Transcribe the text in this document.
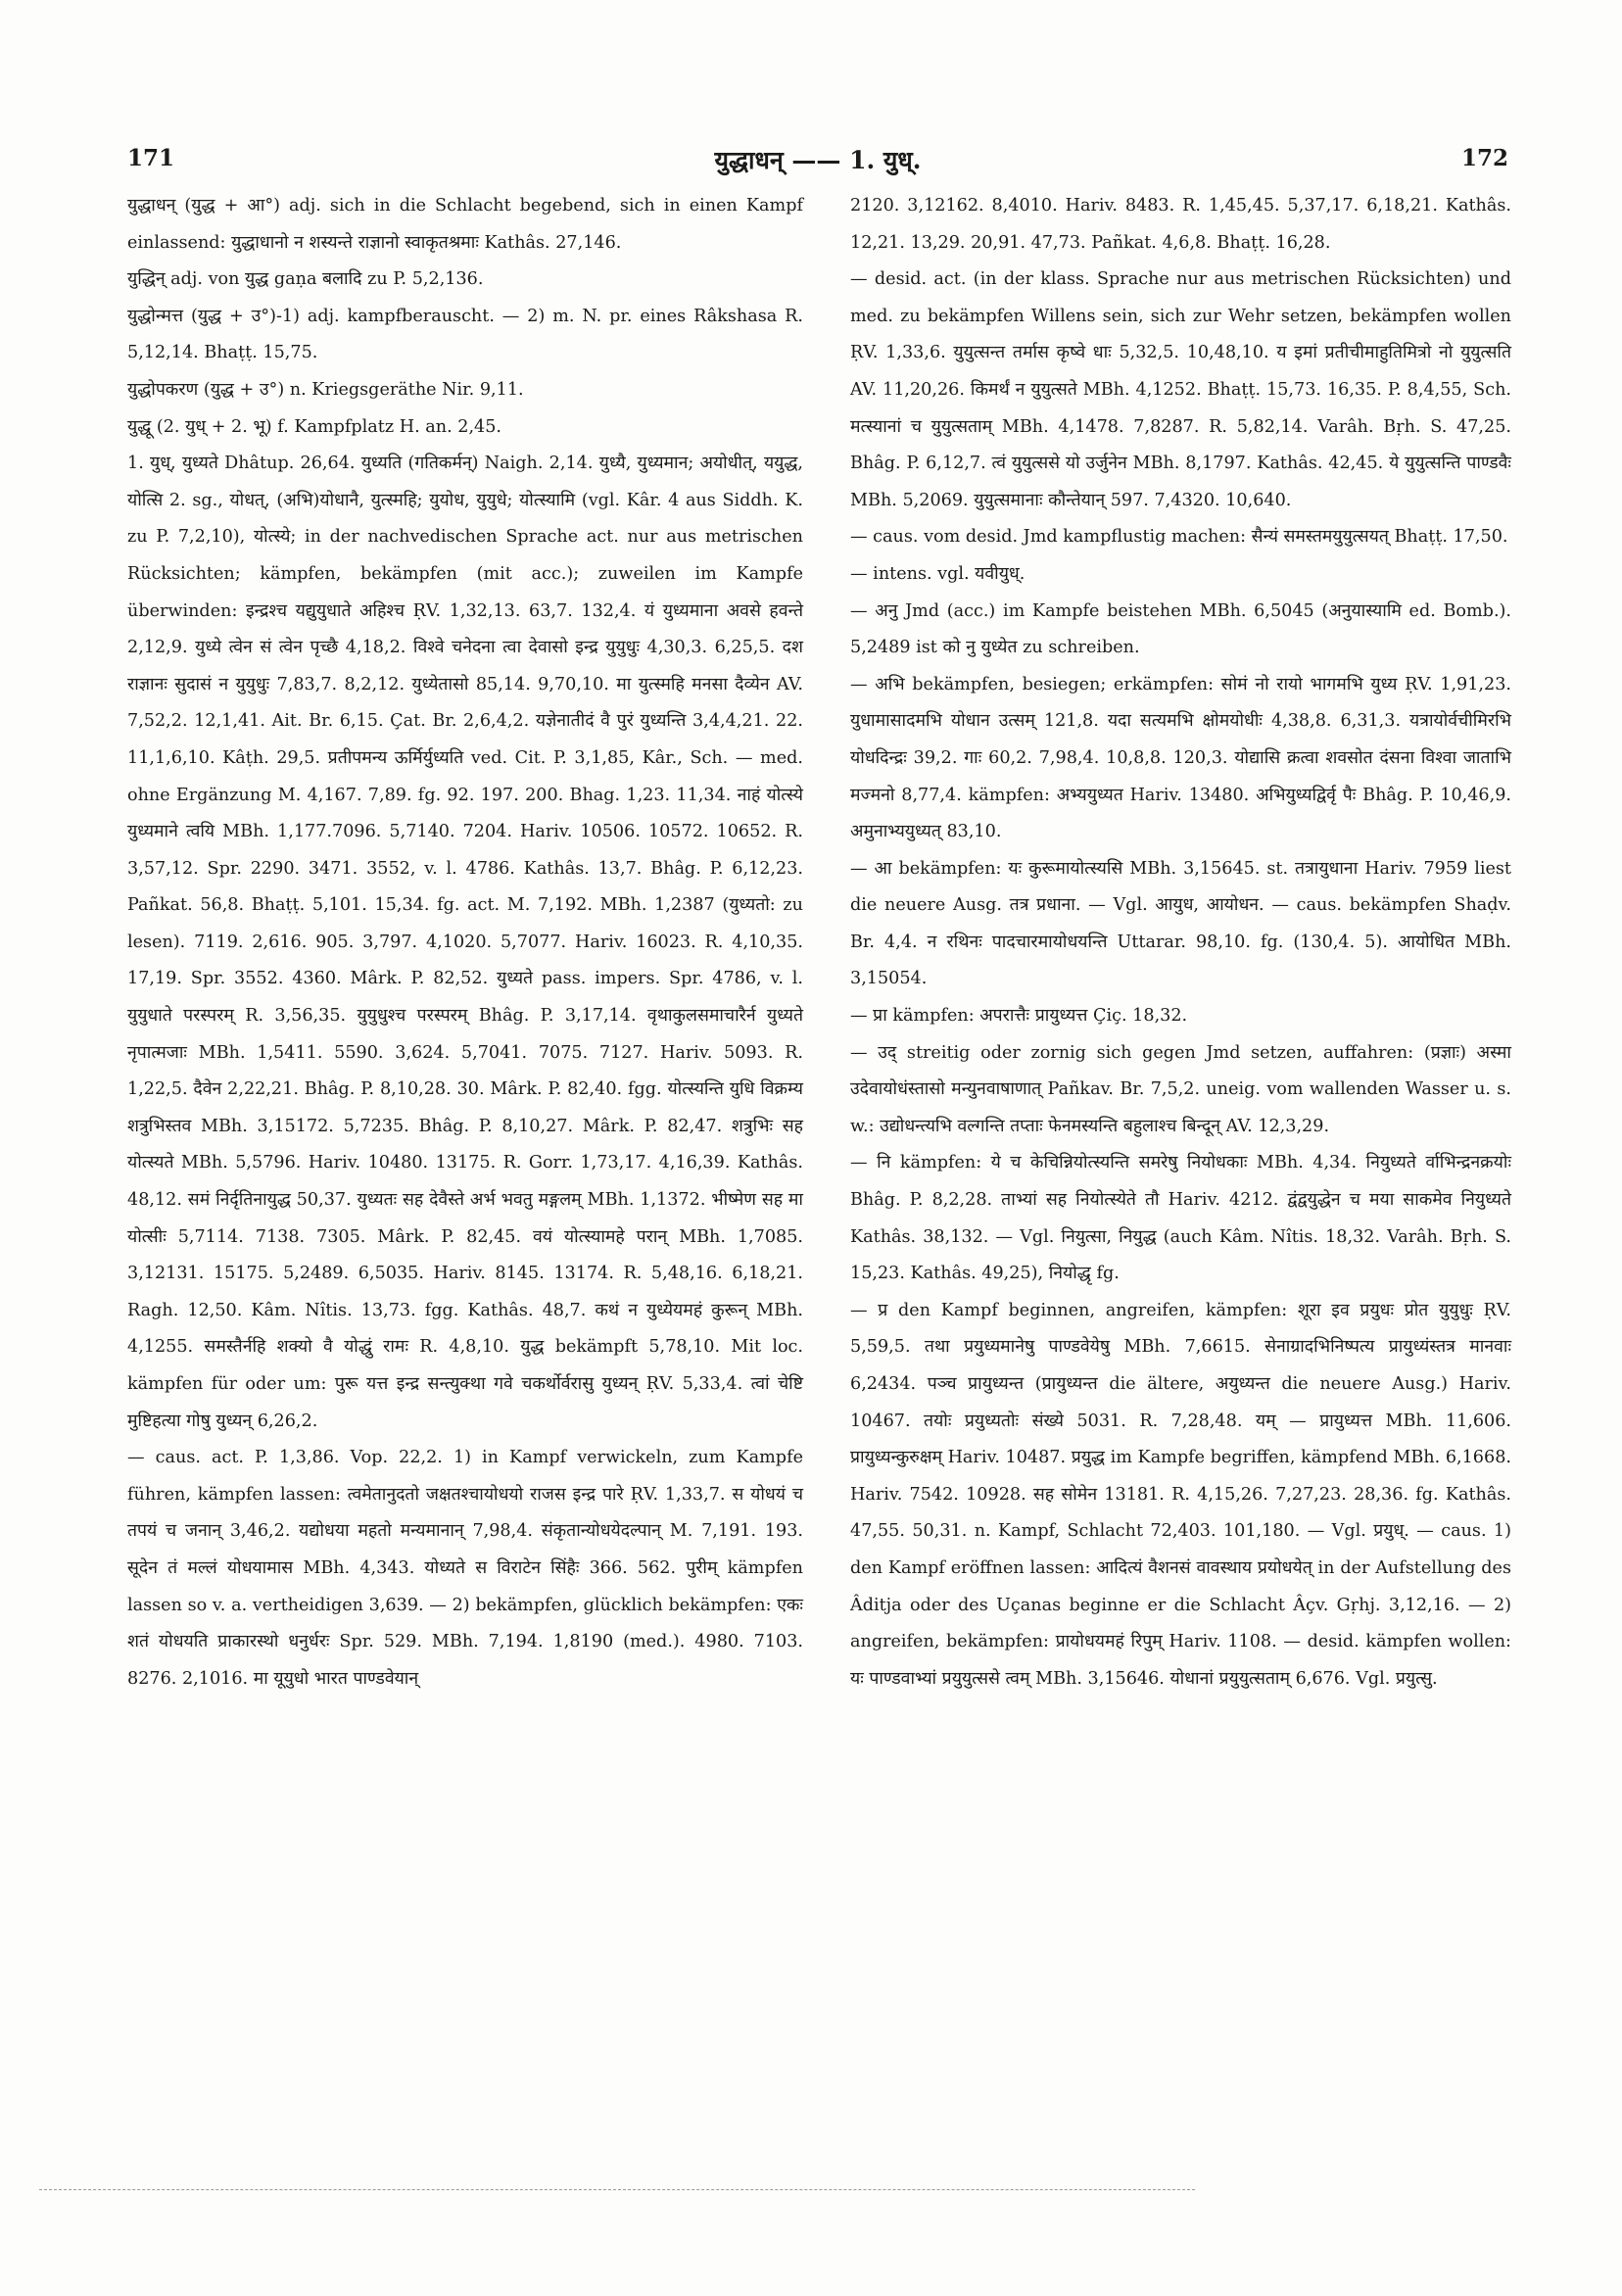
171	युद्धाधन् —— 1. युध्.	172

युद्धाधन् (युद्ध + आ°) adj. sich in die Schlacht begebend, sich in einen Kampf einlassend: युद्धाधानो न शस्यन्ते राज्ञानो स्वाकृतश्रमाः Kathâs. 27,146.

युद्धिन् adj. von युद्ध gaṇa बलादि zu P. 5,2,136.

युद्धोन्मत्त (युद्ध + उ°)-1) adj. kampfberauscht. — 2) m. N. pr. eines Râkshasa R. 5,12,14. Bhaṭṭ. 15,75.

युद्धोपकरण (युद्ध + उ°) n. Kriegsgeräthe Nir. 9,11.

युद्धू (2. युध् + 2. भू) f. Kampfplatz H. an. 2,45.

1. युध्, युध्यते Dhâtup. 26,64. युध्यति (गतिकर्मन्) Naigh. 2,14. युध्यै, युध्यमान; अयोधीत्, ययुद्ध, योत्सि 2. sg., योधत्, (अभि)योधानै, युत्स्महि; युयोध, युयुधे; योत्स्यामि (vgl. Kâr. 4 aus Siddh. K. zu P. 7,2,10), योत्स्ये; in der nachvedischen Sprache act. nur aus metrischen Rücksichten; kämpfen, bekämpfen (mit acc.); zuweilen im Kampfe überwinden: इन्द्रश्च यद्युयुधाते अहिश्च ṚV. 1,32,13. 63,7. 132,4. यं युध्यमाना अवसे हवन्ते 2,12,9. युध्ये त्वेन सं त्वेन पृच्छै 4,18,2. विश्वे चनेदना त्वा देवासो इन्द्र युयुधुः 4,30,3. 6,25,5. दश राज्ञानः सुदासं न युयुधुः 7,83,7. 8,2,12. युध्येतासो 85,14. 9,70,10. मा युत्स्महि मनसा दैव्येन AV. 7,52,2. 12,1,41. Ait. Br. 6,15. Çat. Br. 2,6,4,2. यज्ञेनातीदं वै पुरं युध्यन्ति 3,4,4,21. 22. 11,1,6,10. Kâṭh. 29,5. प्रतीपमन्य ऊर्मिर्युध्यति ved. Cit. P. 3,1,85, Kâr., Sch. — med. ohne Ergänzung M. 4,167. 7,89. fg. 92. 197. 200. Bhag. 1,23. 11,34. नाहं योत्स्ये युध्यमाने त्वयि MBh. 1,177.7096. 5,7140. 7204. Hariv. 10506. 10572. 10652. R. 3,57,12. Spr. 2290. 3471. 3552, v. l. 4786. Kathâs. 13,7. Bhâg. P. 6,12,23. Pañkat. 56,8. Bhaṭṭ. 5,101. 15,34. fg. act. M. 7,192. MBh. 1,2387 (युध्यतो: zu lesen). 7119. 2,616. 905. 3,797. 4,1020. 5,7077. Hariv. 16023. R. 4,10,35. 17,19. Spr. 3552. 4360. Mârk. P. 82,52. युध्यते pass. impers. Spr. 4786, v. l. युयुधाते परस्परम् R. 3,56,35. युयुधुश्च परस्परम् Bhâg. P. 3,17,14. वृथाकुलसमाचारैर्न युध्यते नृपात्मजाः MBh. 1,5411. 5590. 3,624. 5,7041. 7075. 7127. Hariv. 5093. R. 1,22,5. दैवेन 2,22,21. Bhâg. P. 8,10,28. 30. Mârk. P. 82,40. fgg. योत्स्यन्ति युधि विक्रम्य शत्रुभिस्तव MBh. 3,15172. 5,7235. Bhâg. P. 8,10,27. Mârk. P. 82,47. शत्रुभिः सह योत्स्यते MBh. 5,5796. Hariv. 10480. 13175. R. Gorr. 1,73,17. 4,16,39. Kathâs. 48,12. समं निर्दृतिनायुद्ध 50,37. युध्यतः सह देवैस्ते अर्भ भवतु मङ्गलम् MBh. 1,1372. भीष्मेण सह मा योत्सीः 5,7114. 7138. 7305. Mârk. P. 82,45. वयं योत्स्यामहे परान् MBh. 1,7085. 3,12131. 15175. 5,2489. 6,5035. Hariv. 8145. 13174. R. 5,48,16. 6,18,21. Ragh. 12,50. Kâm. Nîtis. 13,73. fgg. Kathâs. 48,7. कथं न युध्येयमहं कुरून् MBh. 4,1255. समस्तैर्नहि शक्यो वै योद्धुं रामः R. 4,8,10. युद्ध bekämpft 5,78,10. Mit loc. kämpfen für oder um: पुरू यत्त इन्द्र सन्त्युक्था गवे चकर्थोर्वरासु युध्यन् ṚV. 5,33,4. त्वां चेष्टि मुष्टिहत्या गोषु युध्यन् 6,26,2.

— caus. act. P. 1,3,86. Vop. 22,2. 1) in Kampf verwickeln, zum Kampfe führen, kämpfen lassen: त्वमेतानुदतो जक्षतश्चायोधयो राजस इन्द्र पारे ṚV. 1,33,7. स योधयं च तपयं च जनान् 3,46,2. यद्योधया महतो मन्यमानान् 7,98,4. संकृतान्योधयेदल्पान् M. 7,191. 193. सूदेन तं मल्लं योधयामास MBh. 4,343. योध्यते स विराटेन सिंहैः 366. 562. पुरीम् kämpfen lassen so v. a. vertheidigen 3,639. — 2) bekämpfen, glücklich bekämpfen: एकः शतं योधयति प्राकारस्थो धनुर्धरः Spr. 529. MBh. 7,194. 1,8190 (med.). 4980. 7103. 8276. 2,1016. मा यूयुधो भारत पाण्डवेयान्

2120. 3,12162. 8,4010. Hariv. 8483. R. 1,45,45. 5,37,17. 6,18,21. Kathâs. 12,21. 13,29. 20,91. 47,73. Pañkat. 4,6,8. Bhaṭṭ. 16,28.

— desid. act. (in der klass. Sprache nur aus metrischen Rücksichten) und med. zu bekämpfen Willens sein, sich zur Wehr setzen, bekämpfen wollen ṚV. 1,33,6. युयुत्सन्त तर्मास कृष्वे धाः 5,32,5. 10,48,10. य इमां प्रतीचीमाहुतिमित्रो नो युयुत्सति AV. 11,20,26. किमर्थं न युयुत्सते MBh. 4,1252. Bhaṭṭ. 15,73. 16,35. P. 8,4,55, Sch. मत्स्यानां च युयुत्सताम् MBh. 4,1478. 7,8287. R. 5,82,14. Varâh. Bṛh. S. 47,25. Bhâg. P. 6,12,7. त्वं युयुत्ससे यो उर्जुनेन MBh. 8,1797. Kathâs. 42,45. ये युयुत्सन्ति पाण्डवैः MBh. 5,2069. युयुत्समानाः कौन्तेयान् 597. 7,4320. 10,640.

— caus. vom desid. Jmd kampflustig machen: सैन्यं समस्तमयुयुत्सयत् Bhaṭṭ. 17,50.

— intens. vgl. यवीयुध्.

— अनु Jmd (acc.) im Kampfe beistehen MBh. 6,5045 (अनुयास्यामि ed. Bomb.). 5,2489 ist को नु युध्येत zu schreiben.

— अभि bekämpfen, besiegen; erkämpfen: सोमं नो रायो भागमभि युध्य ṚV. 1,91,23. युधामासादमभि योधान उत्सम् 121,8. यदा सत्यमभि क्षोमयोधीः 4,38,8. 6,31,3. यत्रायोर्वचीमिरभि योधदिन्द्रः 39,2. गाः 60,2. 7,98,4. 10,8,8. 120,3. योद्यासि क्रत्वा शवसोत दंसना विश्वा जाताभि मज्मनो 8,77,4. kämpfen: अभ्ययुध्यत Hariv. 13480. अभियुध्यद्विर्वृ पैः Bhâg. P. 10,46,9. अमुनाभ्ययुध्यत् 83,10.

— आ bekämpfen: यः कुरूमायोत्स्यसि MBh. 3,15645. st. तत्रायुधाना Hariv. 7959 liest die neuere Ausg. तत्र प्रधाना. — Vgl. आयुध, आयोधन. — caus. bekämpfen Shaḍv. Br. 4,4. न रथिनः पादचारमायोधयन्ति Uttarar. 98,10. fg. (130,4. 5). आयोधित MBh. 3,15054.

— प्रा kämpfen: अपरात्तैः प्रायुध्यत्त Çiç. 18,32.

— उद् streitig oder zornig sich gegen Jmd setzen, auffahren: (प्रज्ञाः) अस्मा उदेवायोधंस्तासो मन्युनवाषाणात् Pañkav. Br. 7,5,2. uneig. vom wallenden Wasser u. s. w.: उद्योधन्त्यभि वल्गन्ति तप्ताः फेनमस्यन्ति बहुलाश्च बिन्दून् AV. 12,3,29.

— नि kämpfen: ये च केचिन्नियोत्स्यन्ति समरेषु नियोधकाः MBh. 4,34. नियुध्यते र्वाभिन्द्रनक्रयोः Bhâg. P. 8,2,28. ताभ्यां सह नियोत्स्येते तौ Hariv. 4212. द्वंद्वयुद्धेन च मया साकमेव नियुध्यते Kathâs. 38,132. — Vgl. नियुत्सा, नियुद्ध (auch Kâm. Nîtis. 18,32. Varâh. Bṛh. S. 15,23. Kathâs. 49,25), नियोद्धृ fg.

— प्र den Kampf beginnen, angreifen, kämpfen: शूरा इव प्रयुधः प्रोत युयुधुः ṚV. 5,59,5. तथा प्रयुध्यमानेषु पाण्डवेयेषु MBh. 7,6615. सेनाग्रादभिनिष्पत्य प्रायुध्यंस्तत्र मानवाः 6,2434. पञ्च प्रायुध्यन्त (प्रायुध्यन्त die ältere, अयुध्यन्त die neuere Ausg.) Hariv. 10467. तयोः प्रयुध्यतोः संख्ये 5031. R. 7,28,48. यम् — प्रायुध्यत्त MBh. 11,606. प्रायुध्यन्कुरुक्षम् Hariv. 10487. प्रयुद्ध im Kampfe begriffen, kämpfend MBh. 6,1668. Hariv. 7542. 10928. सह सोमेन 13181. R. 4,15,26. 7,27,23. 28,36. fg. Kathâs. 47,55. 50,31. n. Kampf, Schlacht 72,403. 101,180. — Vgl. प्रयुध्. — caus. 1) den Kampf eröffnen lassen: आदित्यं वैशनसं वावस्थाय प्रयोधयेत् in der Aufstellung des Âditja oder des Uçanas beginne er die Schlacht Âçv. Gṛhj. 3,12,16. — 2) angreifen, bekämpfen: प्रायोधयमहं रिपुम् Hariv. 1108. — desid. kämpfen wollen: यः पाण्डवाभ्यां प्रयुयुत्ससे त्वम् MBh. 3,15646. योधानां प्रयुयुत्सताम् 6,676. Vgl. प्रयुत्सु.
